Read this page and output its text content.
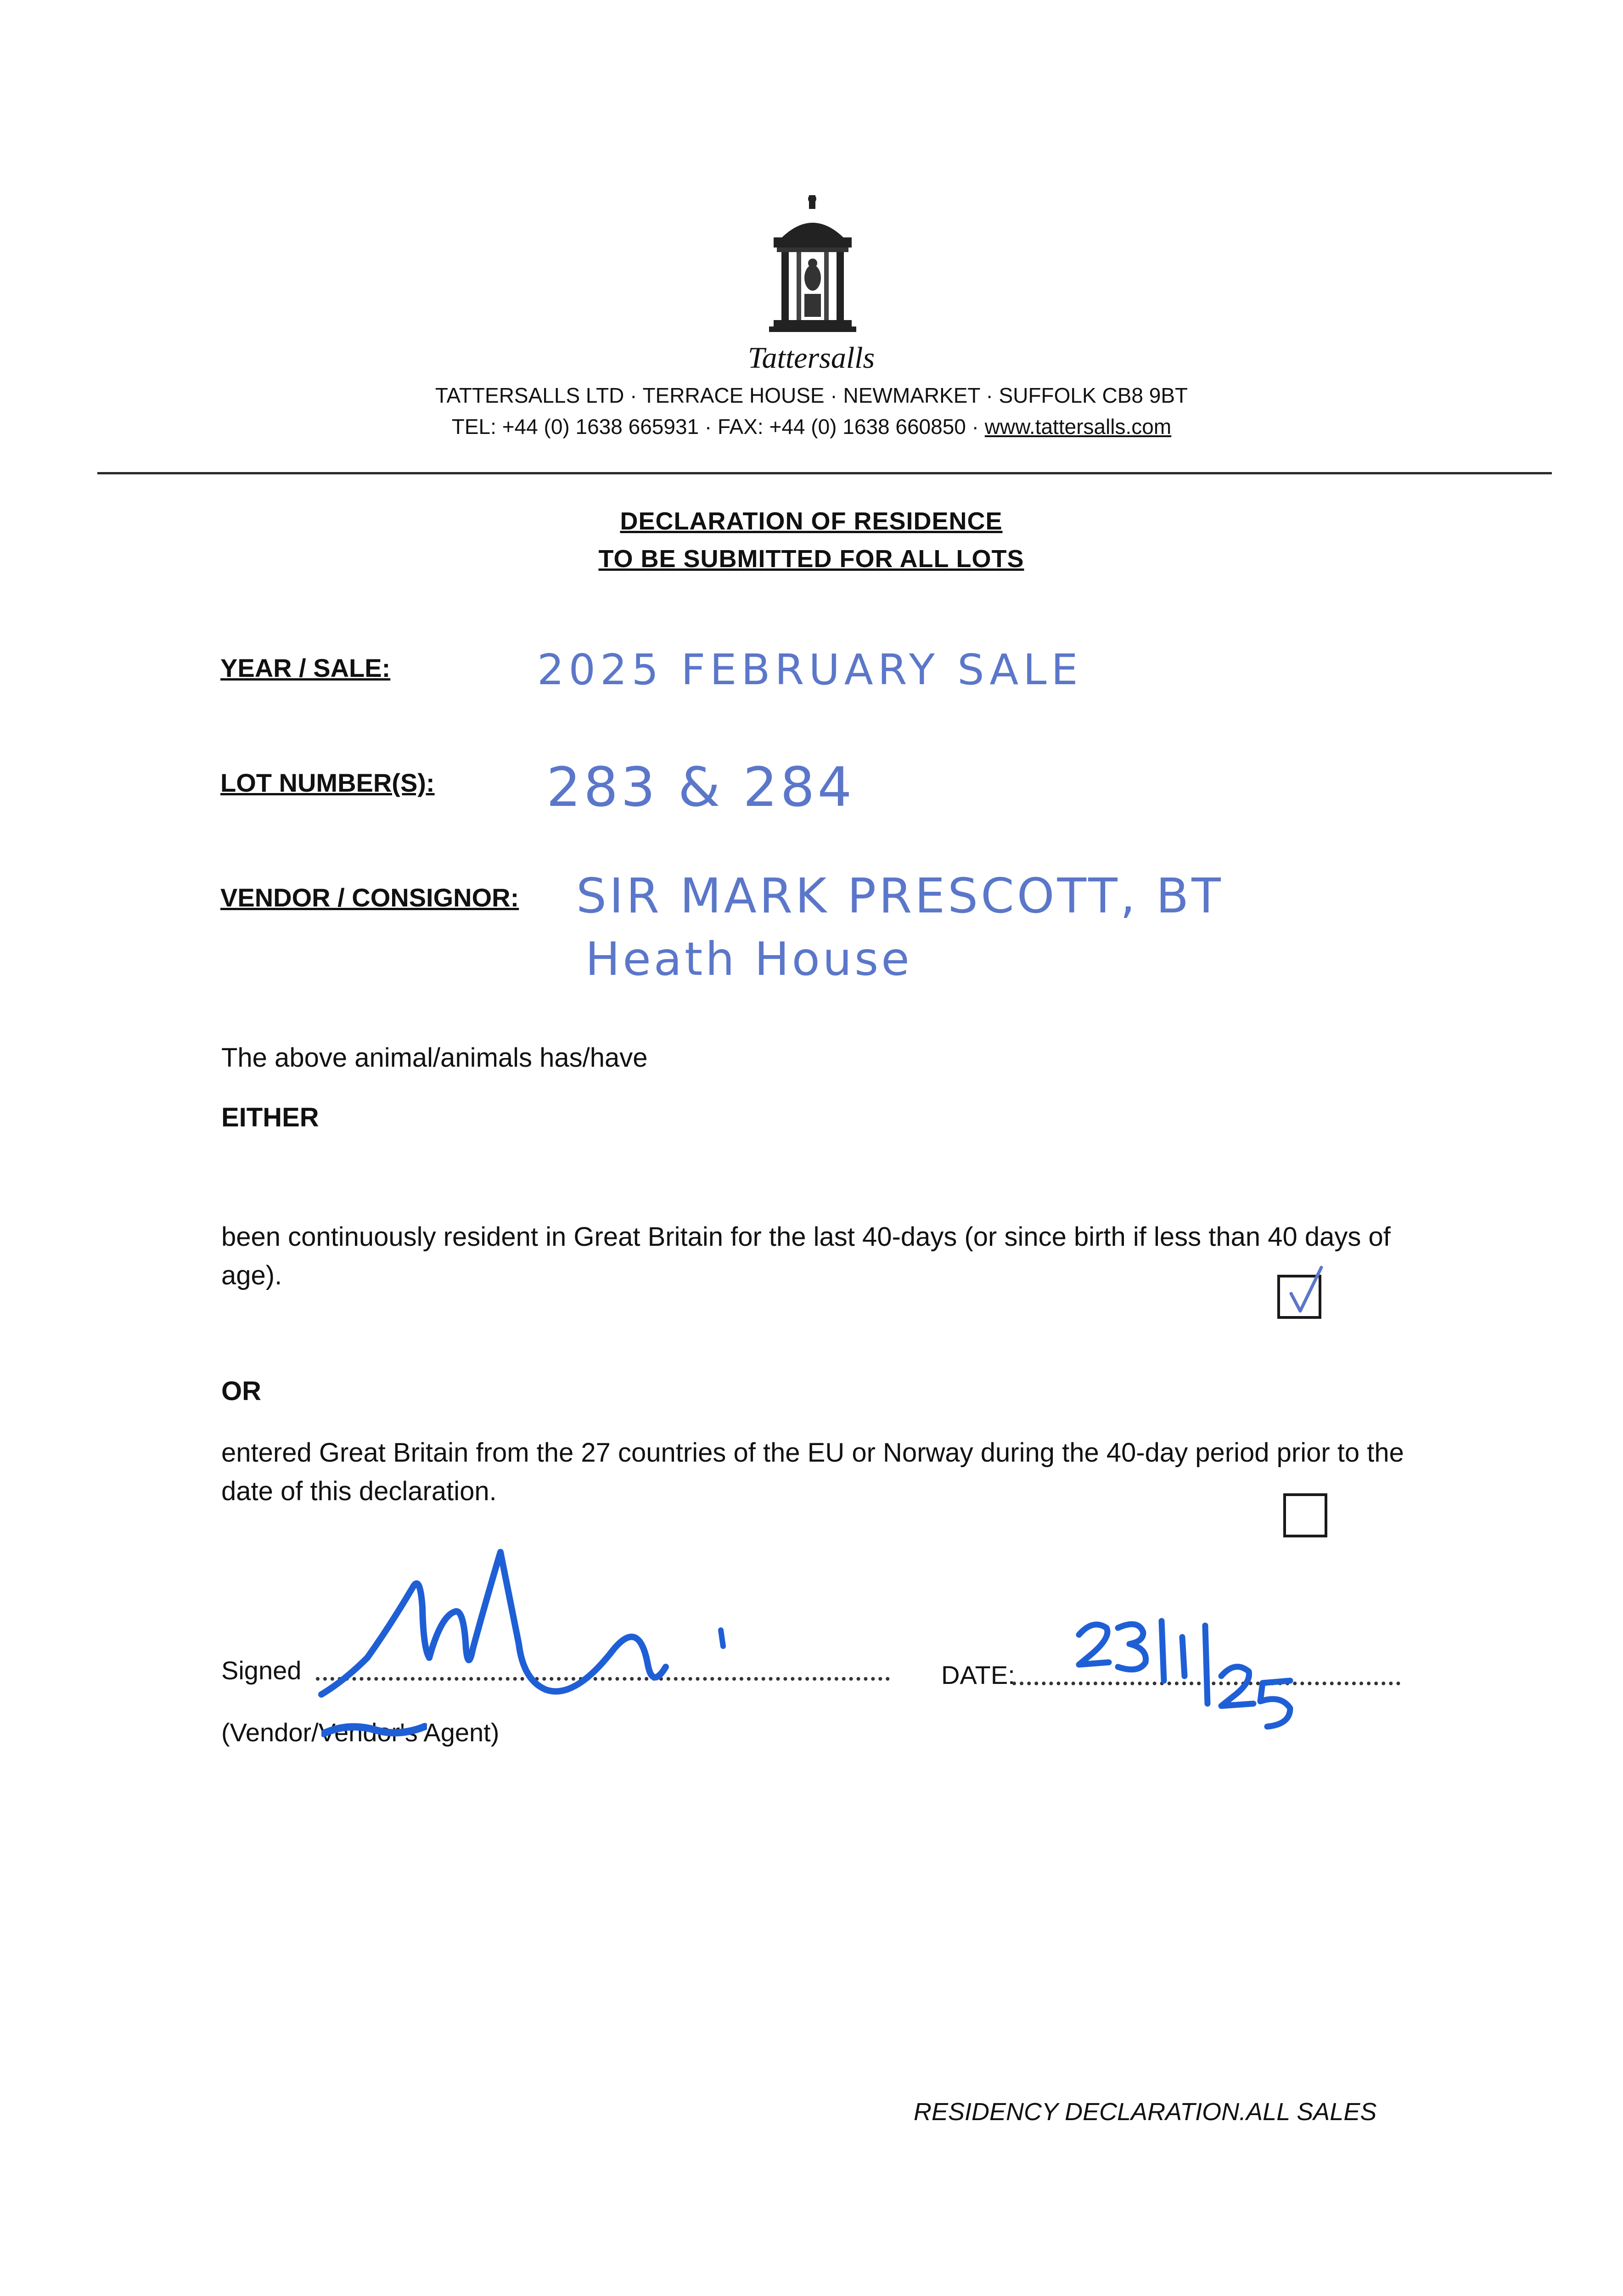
Tattersalls
TATTERSALLS LTD · TERRACE HOUSE · NEWMARKET · SUFFOLK CB8 9BT
TEL: +44 (0) 1638 665931 · FAX: +44 (0) 1638 660850 · www.tattersalls.com
DECLARATION OF RESIDENCE
TO BE SUBMITTED FOR ALL LOTS
YEAR / SALE:	2025 FEBRUARY SALE
LOT NUMBER(S): 283 & 284
VENDOR / CONSIGNOR: SIR MARK PRESCOTT, BT
Heath House
The above animal/animals has/have
EITHER
been continuously resident in Great Britain for the last 40-days (or since birth if less than 40 days of age).
OR
entered Great Britain from the 27 countries of the EU or Norway during the 40-day period prior to the date of this declaration.
Signed
(Vendor/Vendor's Agent)
DATE:
RESIDENCY DECLARATION.ALL SALES
